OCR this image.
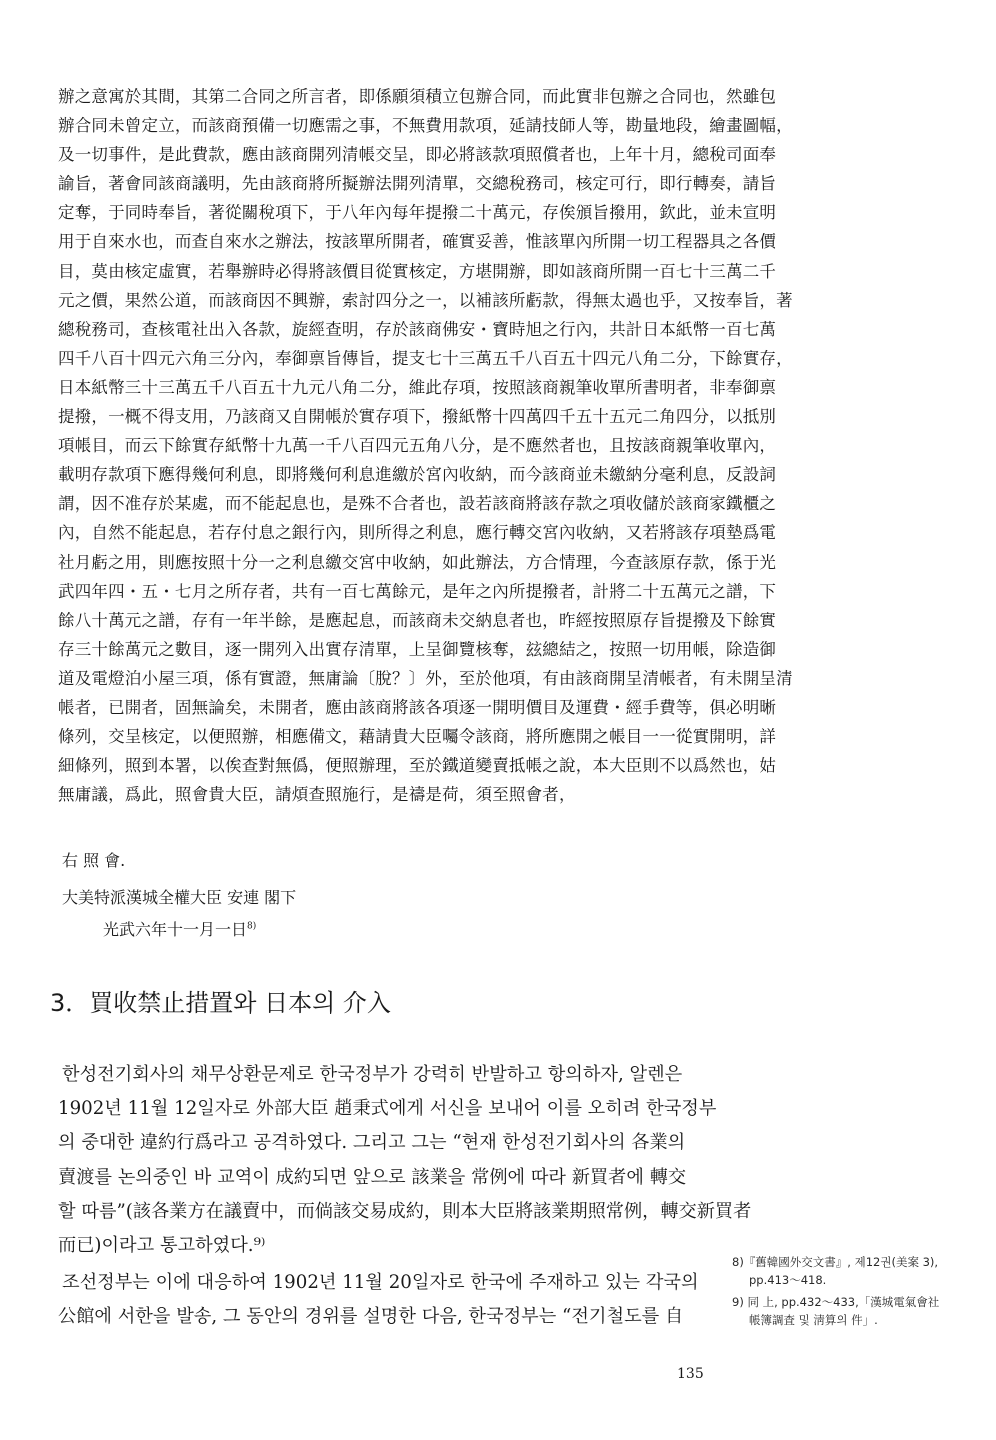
辦之意寓於其間，其第二合同之所言者，即係願須積立包辦合同，而此實非包辦之合同也，然雖包
辦合同未曾定立，而該商預備一切應需之事，不無費用款項，延請技師人等，勘量地段，繪畫圖幅，
及一切事件，是此費款，應由該商開列清帳交呈，即必將該款項照償者也，上年十月，總稅司面奉
諭旨，著會同該商議明，先由該商將所擬辦法開列清單，交總稅務司，核定可行，即行轉奏，請旨
定奪，于同時奉旨，著從關稅項下，于八年內每年提撥二十萬元，存俟頒旨撥用，欽此，並未宣明
用于自來水也，而查自來水之辦法，按該單所開者，確實妥善，惟該單內所開一切工程器具之各價
目，莫由核定虛實，若舉辦時必得將該價目從實核定，方堪開辦，即如該商所開一百七十三萬二千
元之價，果然公道，而該商因不興辦，索討四分之一，以補該所虧款，得無太過也乎，又按奉旨，著
總稅務司，查核電社出入各款，旋經查明，存於該商佛安・寶時旭之行內，共計日本紙幣一百七萬
四千八百十四元六角三分內，奉御禀旨傳旨，提支七十三萬五千八百五十四元八角二分，下餘實存，
日本紙幣三十三萬五千八百五十九元八角二分，維此存項，按照該商親筆收單所書明者，非奉御禀
提撥，一概不得支用，乃該商又自開帳於實存項下，撥紙幣十四萬四千五十五元二角四分，以抵別
項帳目，而云下餘實存紙幣十九萬一千八百四元五角八分，是不應然者也，且按該商親筆收單內，
載明存款項下應得幾何利息，即將幾何利息進繳於宮內收納，而今該商並未繳納分毫利息，反設詞
謂，因不准存於某處，而不能起息也，是殊不合者也，設若該商將該存款之項收儲於該商家鐵櫃之
內，自然不能起息，若存付息之銀行內，則所得之利息，應行轉交宮內收納，又若將該存項墊爲電
社月虧之用，則應按照十分一之利息繳交宮中收納，如此辦法，方合情理，今查該原存款，係于光
武四年四・五・七月之所存者，共有一百七萬餘元，是年之內所提撥者，計將二十五萬元之譜，下
餘八十萬元之譜，存有一年半餘，是應起息，而該商未交納息者也，昨經按照原存旨提撥及下餘實
存三十餘萬元之數目，逐一開列入出實存清單，上呈御覽核奪，玆總結之，按照一切用帳，除造御
道及電燈泊小屋三項，係有實證，無庸論〔脫？〕外，至於他項，有由該商開呈清帳者，有未開呈清
帳者，已開者，固無論矣，未開者，應由該商將該各項逐一開明價目及運費・經手費等，俱必明晰
條列，交呈核定，以便照辦，相應備文，藉請貴大臣囑令該商，將所應開之帳目一一從實開明，詳
細條列，照到本署，以俟查對無僞，便照辦理，至於鐵道變賣抵帳之說，本大臣則不以爲然也，姑
無庸議，爲此，照會貴大臣，請煩查照施行，是禱是荷，須至照會者，
右 照 會.
大美特派漢城全權大臣 安連 閣下
光武六年十一月一日$^{8)}$
3．買收禁止措置와 日本의 介入
한성전기회사의 채무상환문제로 한국정부가 강력히 반발하고 항의하자, 알렌은
1902년 11월 12일자로 外部大臣 趙秉式에게 서신을 보내어 이를 오히려 한국정부
의 중대한 違約行爲라고 공격하였다. 그리고 그는 “현재 한성전기회사의 各業의
賣渡를 논의중인 바 교역이 成約되면 앞으로 該業을 常例에 따라 新買者에 轉交
할 따름”(該各業方在議賣中，而倘該交易成約，則本大臣將該業期照常例，轉交新買者
而已)이라고 통고하였다.⁹⁾
조선정부는 이에 대응하여 1902년 11월 20일자로 한국에 주재하고 있는 각국의
公館에 서한을 발송, 그 동안의 경위를 설명한 다음, 한국정부는 “전기철도를 自
8)『舊韓國外交文書』, 제12권(美案 3),
pp.413～418.
9) 同 上, pp.432～433,「漢城電氣會社
帳簿調査 및 淸算의 件」.
135
